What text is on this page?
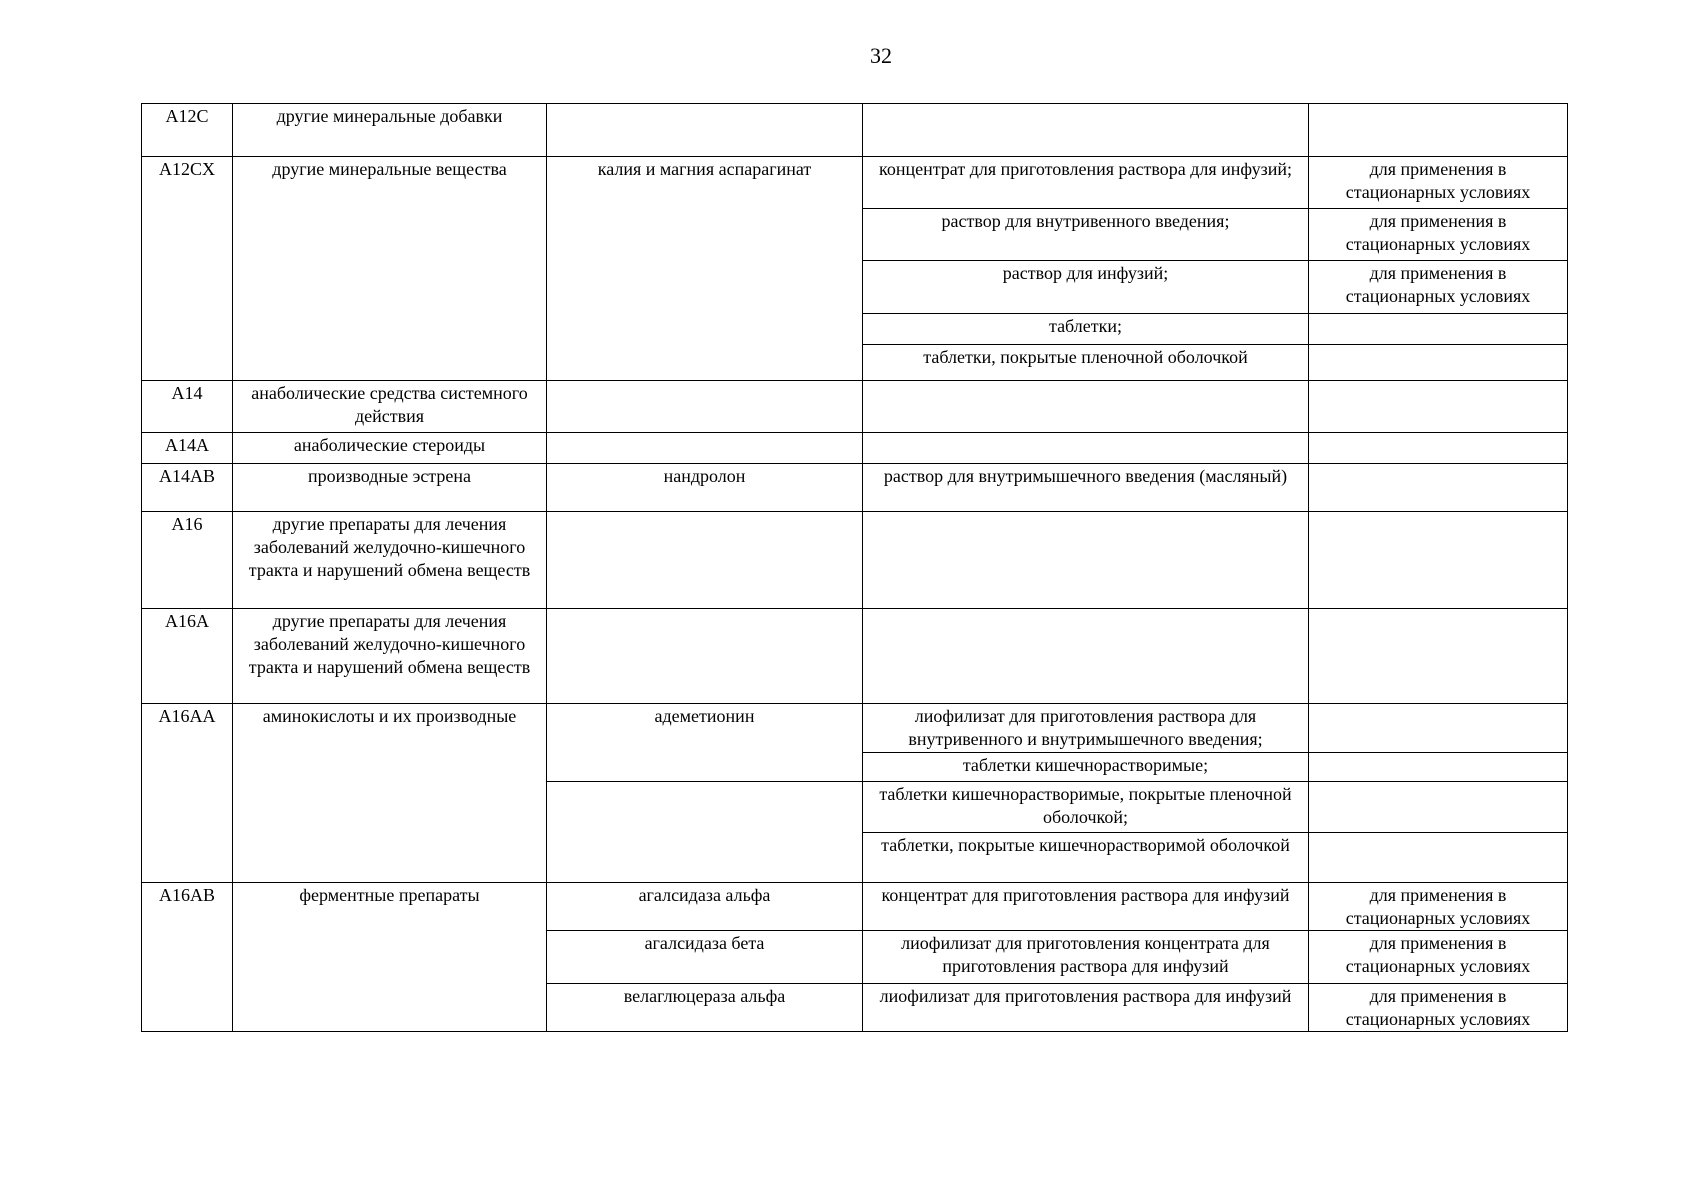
32
A12C	другие минеральные добавки			
A12CX	другие минеральные вещества	калия и магния аспарагинат	концентрат для приготовления раствора для инфузий;	для применения в стационарных условиях
			раствор для внутривенного введения;	для применения в стационарных условиях
			раствор для инфузий;	для применения в стационарных условиях
			таблетки;	
			таблетки, покрытые пленочной оболочкой	
A14	анаболические средства системного действия			
A14A	анаболические стероиды			
A14AB	производные эстрена	нандролон	раствор для внутримышечного введения (масляный)	
A16	другие препараты для лечения заболеваний желудочно-кишечного тракта и нарушений обмена веществ			
A16A	другие препараты для лечения заболеваний желудочно-кишечного тракта и нарушений обмена веществ			
A16AA	аминокислоты и их производные	адеметионин	лиофилизат для приготовления раствора для внутривенного и внутримышечного введения;	
			таблетки кишечнорастворимые;	
			таблетки кишечнорастворимые, покрытые пленочной оболочкой;	
			таблетки, покрытые кишечнорастворимой оболочкой	
A16AB	ферментные препараты	агалсидаза альфа	концентрат для приготовления раствора для инфузий	для применения в стационарных условиях
		агалсидаза бета	лиофилизат для приготовления концентрата для приготовления раствора для инфузий	для применения в стационарных условиях
		велаглюцераза альфа	лиофилизат для приготовления раствора для инфузий	для применения в стационарных условиях
